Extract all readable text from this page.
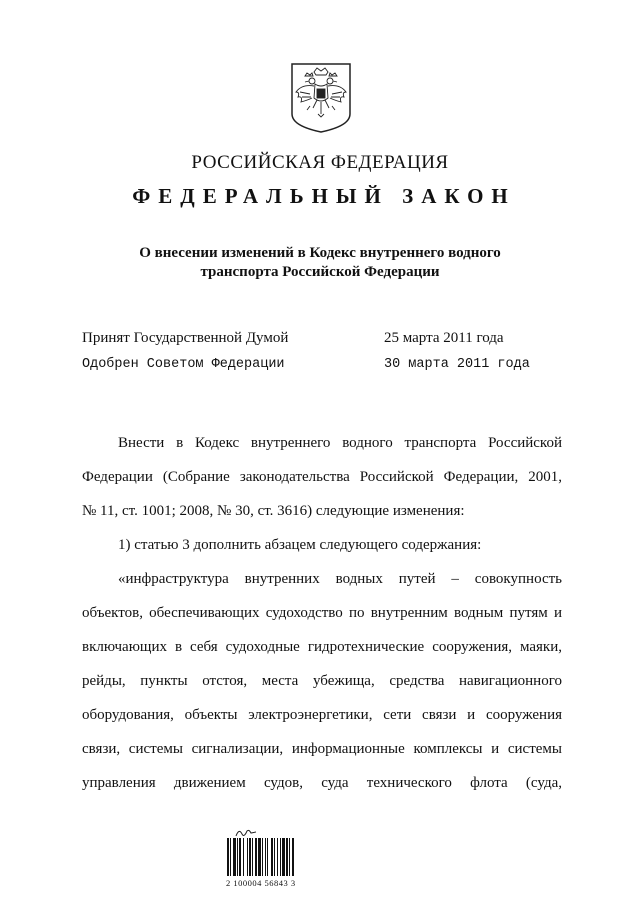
РОССИЙСКАЯ ФЕДЕРАЦИЯ
ФЕДЕРАЛЬНЫЙ ЗАКОН
О внесении изменений в Кодекс внутреннего водного
транспорта Российской Федерации
Принят Государственной Думой	25 марта 2011 года
Одобрен Советом Федерации	30 марта 2011 года

Внести в Кодекс внутреннего водного транспорта Российской
Федерации (Собрание законодательства Российской Федерации, 2001,
№ 11, ст. 1001; 2008, № 30, ст. 3616) следующие изменения:

1) статью 3 дополнить абзацем следующего содержания:

«инфраструктура внутренних водных путей – совокупность
объектов, обеспечивающих судоходство по внутренним водным путям и
включающих в себя судоходные гидротехнические сооружения, маяки,
рейды, пункты отстоя, места убежища, средства навигационного
оборудования, объекты электроэнергетики, сети связи и сооружения
связи, системы сигнализации, информационные комплексы и системы
управления движением судов, суда технического флота (суда,

2 100004 56843 3
